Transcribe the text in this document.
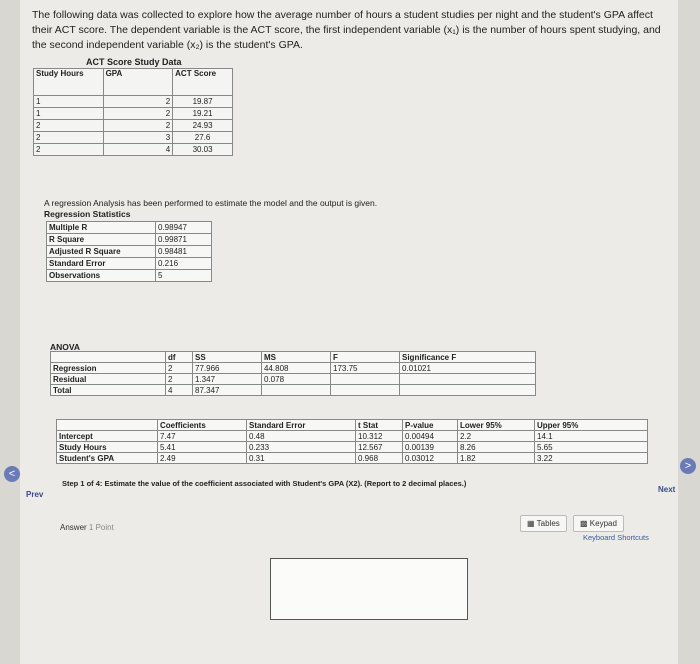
The following data was collected to explore how the average number of hours a student studies per night and the student's GPA affect their ACT score. The dependent variable is the ACT score, the first independent variable (x₁) is the number of hours spent studying, and the second independent variable (x₂) is the student's GPA.
ACT Score Study Data
Study Hours	GPA	ACT Score
1	2	19.87
1	2	19.21
2	2	24.93
2	3	27.6
2	4	30.03
A regression Analysis has been performed to estimate the model and the output is given.
Regression Statistics
Multiple R	0.98947
R Square	0.99871
Adjusted R Square	0.98481
Standard Error	0.216
Observations	5
ANOVA
	df	SS	MS	F	Significance F
Regression	2	77.966	44.808	173.75	0.01021
Residual	2	1.347	0.078		
Total	4	87.347			
	Coefficients	Standard Error	t Stat	P-value	Lower 95%	Upper 95%
Intercept	7.47	0.48	10.312	0.00494	2.2	14.1
Study Hours	5.41	0.233	12.567	0.00139	8.26	5.65
Student's GPA	2.49	0.31	0.968	0.03012	1.82	3.22
Step 1 of 4: Estimate the value of the coefficient associated with Student's GPA (X2). (Report to 2 decimal places.)
Answer 1 Point	▦ Tables	▩ Keypad
Keyboard Shortcuts
<
Prev
>
Next
